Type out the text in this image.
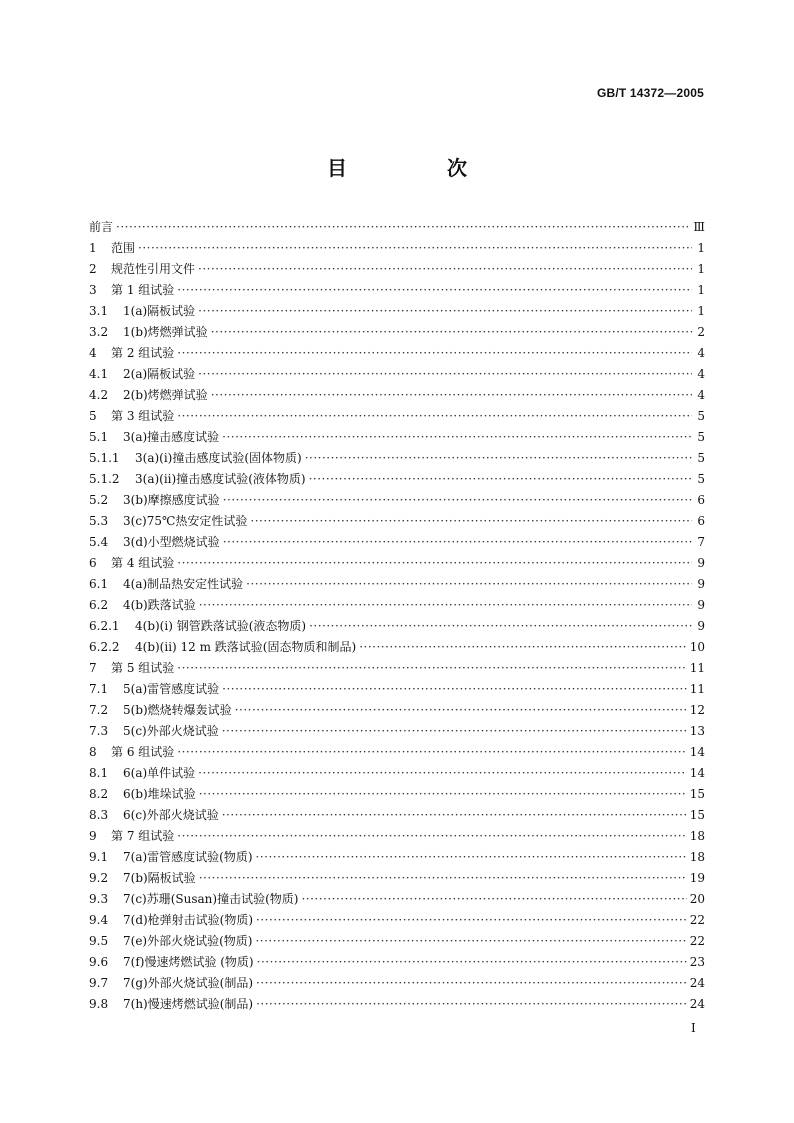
GB/T 14372—2005
目　次
前言 ·····	Ⅲ
1	范围 ·····	1
2	规范性引用文件 ·····	1
3	第 1 组试验 ·····	1
3.1	1(a)隔板试验 ·····	1
3.2	1(b)烤燃弹试验 ·····	2
4	第 2 组试验 ·····	4
4.1	2(a)隔板试验 ·····	4
4.2	2(b)烤燃弹试验 ·····	4
5	第 3 组试验 ·····	5
5.1	3(a)撞击感度试验 ·····	5
5.1.1	3(a)(i)撞击感度试验(固体物质) ·····	5
5.1.2	3(a)(ii)撞击感度试验(液体物质) ·····	5
5.2	3(b)摩擦感度试验 ·····	6
5.3	3(c)75℃热安定性试验 ·····	6
5.4	3(d)小型燃烧试验 ·····	7
6	第 4 组试验 ·····	9
6.1	4(a)制品热安定性试验 ·····	9
6.2	4(b)跌落试验 ·····	9
6.2.1	4(b)(i) 钢管跌落试验(液态物质) ·····	9
6.2.2	4(b)(ii) 12 m 跌落试验(固态物质和制品) ·····	10
7	第 5 组试验 ·····	11
7.1	5(a)雷管感度试验 ·····	11
7.2	5(b)燃烧转爆轰试验 ·····	12
7.3	5(c)外部火烧试验 ·····	13
8	第 6 组试验 ·····	14
8.1	6(a)单件试验 ·····	14
8.2	6(b)堆垛试验 ·····	15
8.3	6(c)外部火烧试验 ·····	15
9	第 7 组试验 ·····	18
9.1	7(a)雷管感度试验(物质) ·····	18
9.2	7(b)隔板试验 ·····	19
9.3	7(c)苏珊(Susan)撞击试验(物质) ·····	20
9.4	7(d)枪弹射击试验(物质) ·····	22
9.5	7(e)外部火烧试验(物质) ·····	22
9.6	7(f)慢速烤燃试验 (物质) ·····	23
9.7	7(g)外部火烧试验(制品) ·····	24
9.8	7(h)慢速烤燃试验(制品) ·····	24
I
